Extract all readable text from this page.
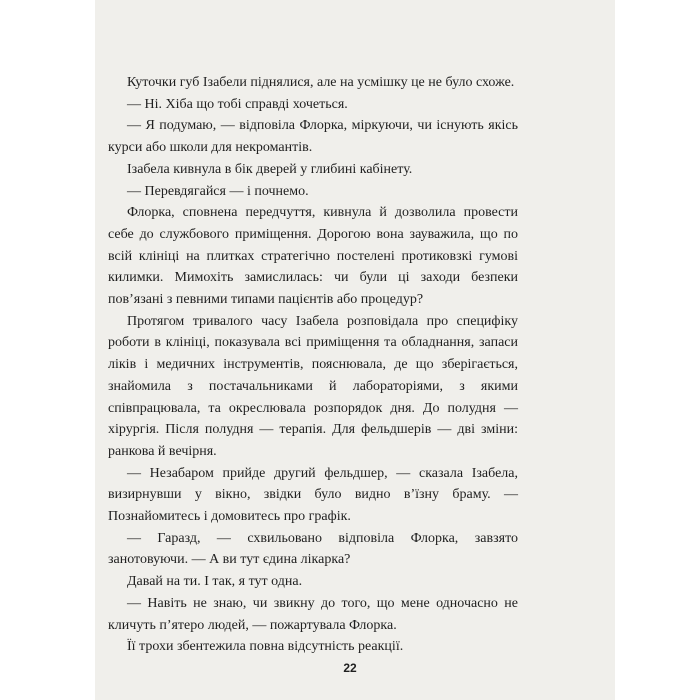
Куточки губ Ізабели піднялися, але на усмішку це не було схоже.

— Ні. Хіба що тобі справді хочеться.

— Я подумаю, — відповіла Флорка, міркуючи, чи існують якісь курси або школи для некромантів.

Ізабела кивнула в бік дверей у глибині кабінету.

— Перевдягайся — і почнемо.

Флорка, сповнена передчуття, кивнула й дозволила провести себе до службового приміщення. Дорогою вона зауважила, що по всій клініці на плитках стратегічно постелені протиковзкі гумові килимки. Мимохіть замислилась: чи були ці заходи безпеки пов’язані з певними типами пацієнтів або процедур?

Протягом тривалого часу Ізабела розповідала про специфіку роботи в клініці, показувала всі приміщення та обладнання, запаси ліків і медичних інструментів, пояснювала, де що зберігається, знайомила з постачальниками й лабораторіями, з якими співпрацювала, та окреслювала розпорядок дня. До полудня — хірургія. Після полудня — терапія. Для фельдшерів — дві зміни: ранкова й вечірня.

— Незабаром прийде другий фельдшер, — сказала Ізабела, визирнувши у вікно, звідки було видно в’їзну браму. — Познайомитесь і домовитесь про графік.

— Гаразд, — схвильовано відповіла Флорка, завзято занотовуючи. — А ви тут єдина лікарка?

Давай на ти. І так, я тут одна.

— Навіть не знаю, чи звикну до того, що мене одночасно не кличуть п’ятеро людей, — пожартувала Флорка.

Її трохи збентежила повна відсутність реакції.

22
